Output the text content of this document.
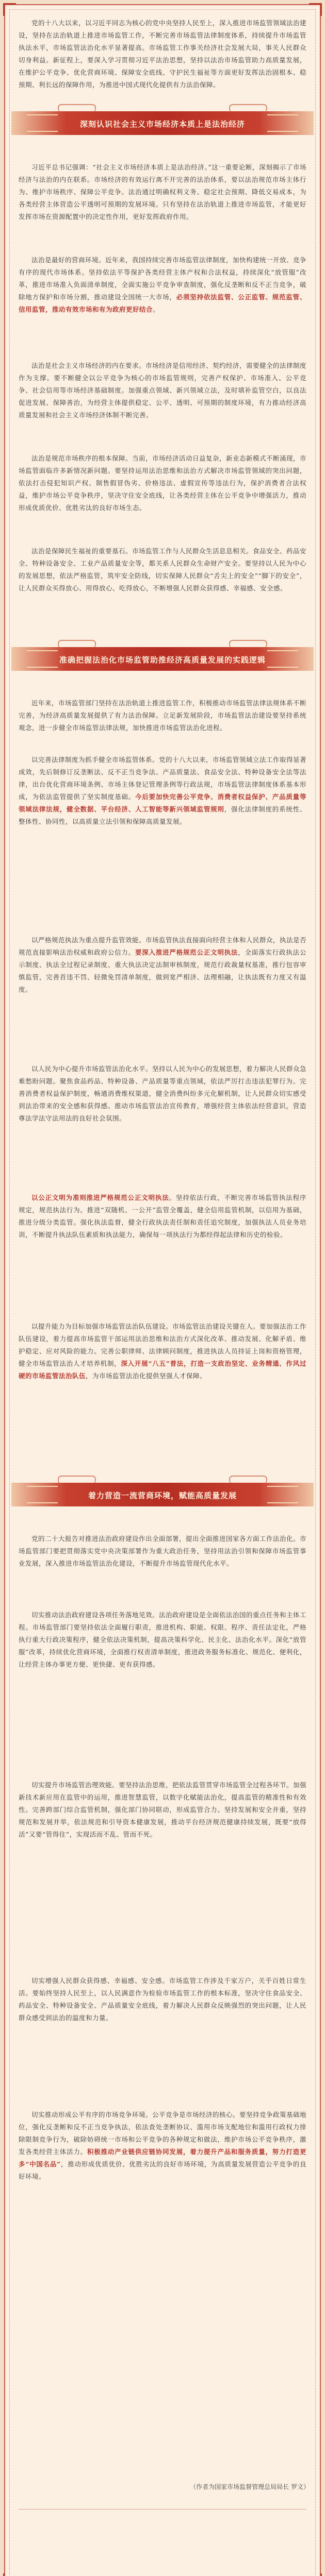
党的十八大以来，以习近平同志为核心的党中央坚持人民至上，深入推进市场监管领域法治建设，坚持在法治轨道上推进市场监管工作，不断完善市场监管法律制度体系，持续提升市场监管执法水平，市场监管法治化水平显著提高。市场监管工作事关经济社会发展大局，事关人民群众切身利益。新征程上，要深入学习贯彻习近平法治思想，坚持以法治市场监管助力高质量发展，在维护公平竞争、优化营商环境、保障安全底线、守护民生福祉等方面更好发挥法治固根本、稳预期、利长远的保障作用，为推进中国式现代化提供有力法治保障。

深刻认识社会主义市场经济本质上是法治经济

习近平总书记强调：“社会主义市场经济本质上是法治经济。”这一重要论断，深刻揭示了市场经济与法治的内在联系。市场经济的有效运行离不开完善的法治体系，要以法治规范市场主体行为、维护市场秩序、保障公平竞争。法治通过明确权利义务、稳定社会预期、降低交易成本，为各类经营主体营造公平透明可预期的发展环境。只有坚持在法治轨道上推进市场监管，才能更好发挥市场在资源配置中的决定性作用，更好发挥政府作用。

法治是最好的营商环境。近年来，我国持续完善市场监管法律制度，加快构建统一开放、竞争有序的现代市场体系。坚持依法平等保护各类经营主体产权和合法权益，持续深化“放管服”改革，推进市场准入负面清单制度，全面实施公平竞争审查制度，强化反垄断和反不正当竞争，破除地方保护和市场分割，推动建设全国统一大市场，必须坚持依法监管、公正监管、规范监管、信用监管，推动有效市场和有为政府更好结合。

法治是社会主义市场经济的内在要求。市场经济是信用经济、契约经济，需要健全的法律制度作为支撑。要不断健全以公平竞争为核心的市场监管规则，完善产权保护、市场准入、公平竞争、社会信用等市场经济基础制度。加强重点领域、新兴领域立法，及时填补监管空白，以良法促进发展、保障善治，为经营主体提供稳定、公平、透明、可预期的制度环境，有力推动经济高质量发展和社会主义市场经济体制不断完善。

法治是规范市场秩序的根本保障。当前，市场经济活动日益复杂，新业态新模式不断涌现，市场监管面临许多新情况新问题。要坚持运用法治思维和法治方式解决市场监管领域的突出问题，依法打击侵犯知识产权、制售假冒伪劣、价格违法、虚假宣传等违法行为，保护消费者合法权益，维护市场公平竞争秩序，坚决守住安全底线，让各类经营主体在公平竞争中增强活力，推动形成优质优价、优胜劣汰的良好市场生态。

法治是保障民生福祉的重要基石。市场监管工作与人民群众生活息息相关。食品安全、药品安全、特种设备安全、工业产品质量安全等，都关系人民群众生命财产安全。要坚持以人民为中心的发展思想，依法严格监管，筑牢安全防线，切实保障人民群众“舌尖上的安全”“脚下的安全”，让人民群众买得放心、用得放心、吃得放心，不断增强人民群众获得感、幸福感、安全感。

准确把握法治化市场监管助推经济高质量发展的实践逻辑

近年来，市场监管部门坚持在法治轨道上推进监管工作，积极推动市场监管法律法规体系不断完善，为经济高质量发展提供了有力法治保障。立足新发展阶段，市场监管法治建设要坚持系统观念，进一步健全市场监管法律法规，加快推进市场监管法治化进程。

以完善法律制度为抓手健全市场监管体系。党的十八大以来，市场监管领域立法工作取得显著成效，先后制修订反垄断法、反不正当竞争法、产品质量法、食品安全法、特种设备安全法等法律，出台优化营商环境条例、市场主体登记管理条例等行政法规，市场监管法律制度体系基本形成，为依法监管提供了坚实制度基础。今后要加快完善公平竞争、消费者权益保护、产品质量等领域法律法规，健全数据、平台经济、人工智能等新兴领域监管规则，强化法律制度的系统性、整体性、协同性，以高质量立法引领和保障高质量发展。

以严格规范执法为重点提升监管效能。市场监管执法直接面向经营主体和人民群众，执法是否规范直接影响法治权威和政府公信力。要深入推进严格规范公正文明执法，全面落实行政执法公示制度、执法全过程记录制度、重大执法决定法制审核制度，规范行政裁量权基准，推行包容审慎监管，完善首违不罚、轻微免罚清单制度，做到宽严相济、法理相融，让执法既有力度又有温度。

以人民为中心提升市场监管法治化水平。坚持以人民为中心的发展思想，着力解决人民群众急难愁盼问题。聚焦食品药品、特种设备、产品质量等重点领域，依法严厉打击违法犯罪行为。完善消费者权益保护制度，畅通消费维权渠道，健全消费纠纷多元化解机制，让人民群众切实感受到法治带来的安全感和获得感。推动市场监管法治宣传教育，增强经营主体依法经营意识，营造尊法学法守法用法的良好社会氛围。

以公正文明为准则推进严格规范公正文明执法。坚持依法行政，不断完善市场监管执法程序规定，规范执法行为。推进“双随机、一公开”监管全覆盖，健全信用监管机制，以信用为基础，推进分级分类监管。强化执法监督，健全行政执法责任制和责任追究制度，加强执法人员业务培训，不断提升执法队伍素质和执法能力，确保每一项执法行为都经得起法律和历史的检验。

以提升能力为目标加强市场监管法治队伍建设。市场监管法治建设关键在人。要加强法治工作队伍建设，着力提高市场监管干部运用法治思维和法治方式深化改革、推动发展、化解矛盾、维护稳定、应对风险的能力。完善公职律师、法律顾问制度，推进执法人员持证上岗和资格管理，健全市场监管法治人才培养机制，深入开展“八五”普法，打造一支政治坚定、业务精通、作风过硬的市场监管法治队伍，为市场监管法治化提供坚强人才保障。

着力营造一流营商环境，赋能高质量发展

党的二十大报告对推进法治政府建设作出全面部署，提出全面推进国家各方面工作法治化。市场监管部门要把贯彻落实党中央决策部署作为重大政治任务，坚持用法治引领和保障市场监管事业发展，深入推进市场监管法治化建设，不断提升市场监管现代化水平。

切实推动法治政府建设各项任务落地见效。法治政府建设是全面依法治国的重点任务和主体工程。市场监管部门要坚持依法全面履行职责，推进机构、职能、权限、程序、责任法定化，严格执行重大行政决策程序，健全依法决策机制，提高决策科学化、民主化、法治化水平。深化“放管服”改革，持续优化营商环境，全面推行权责清单制度，推进政务服务标准化、规范化、便利化，让经营主体办事更方便、更快捷、更有获得感。

切实提升市场监管治理效能。要坚持法治思维，把依法监管贯穿市场监管全过程各环节。加强新技术新应用在监管中的运用，推进智慧监管，以数字化赋能法治化，提高监管的精准性和有效性。完善跨部门综合监管机制，强化部门协同联动，形成监管合力。坚持发展和安全并重，坚持规范和发展并举，依法规范和引导资本健康发展，推动平台经济规范健康持续发展，既要“放得活”又要“管得住”，实现活而不乱、管而不死。

切实增强人民群众获得感、幸福感、安全感。市场监管工作涉及千家万户，关乎百姓日常生活。要始终坚持人民至上，以人民满意作为检验市场监管工作的根本标准，坚决守住食品安全、药品安全、特种设备安全、产品质量安全底线，着力解决人民群众反映强烈的突出问题，让人民群众感受到法治的温度和力量。

切实推动形成公平有序的市场竞争环境。公平竞争是市场经济的核心。要坚持竞争政策基础地位，强化反垄断和反不正当竞争执法，依法查处垄断协议、滥用市场支配地位和滥用行政权力排除限制竞争行为，破除妨碍统一市场和公平竞争的各种规定和做法，维护市场公平竞争秩序，激发各类经营主体活力。积极推动产业链供应链协同发展，着力提升产品和服务质量，努力打造更多“中国名品”，推动形成优质优价、优胜劣汰的良好市场环境，为高质量发展营造公平竞争的良好环境。

（作者为国家市场监督管理总局局长 罗文）
